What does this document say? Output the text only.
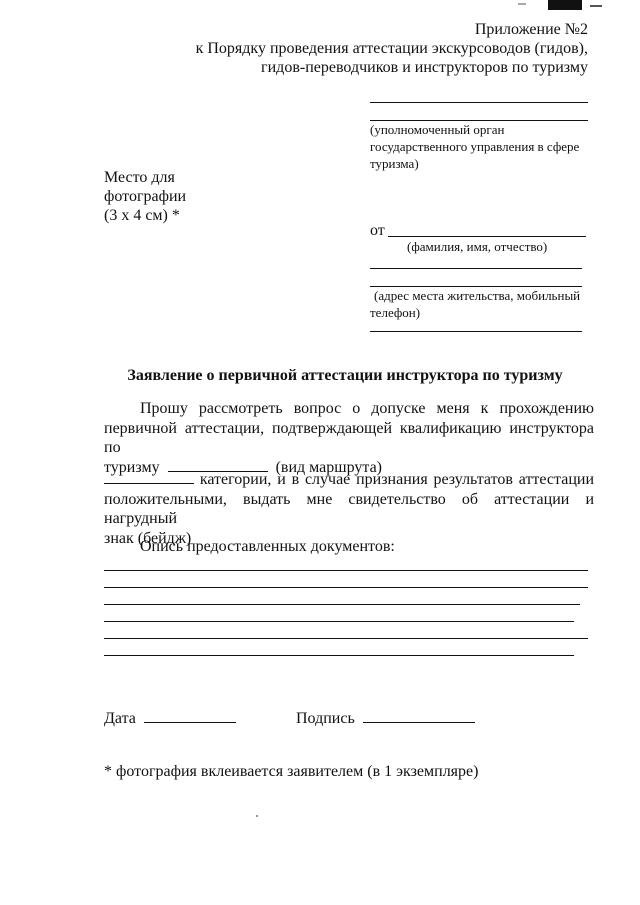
Приложение №2
к Порядку проведения аттестации экскурсоводов (гидов),
гидов-переводчиков и инструкторов по туризму
(уполномоченный орган государственного управления в сфере туризма)
Место для
фотографии
(3 x 4 см) *
от
(фамилия, имя, отчество)
(адрес места жительства, мобильный телефон)
Заявление о первичной аттестации инструктора по туризму
Прошу рассмотреть вопрос о допуске меня к прохождению
первичной аттестации, подтверждающей квалификацию инструктора по
туризму	(вид маршрута)
категории, и в случае признания результатов аттестации
положительными, выдать мне свидетельство об аттестации и нагрудный
знак (бейдж)
Опись предоставленных документов:
Дата	Подпись
* фотография вклеивается заявителем (в 1 экземпляре)
